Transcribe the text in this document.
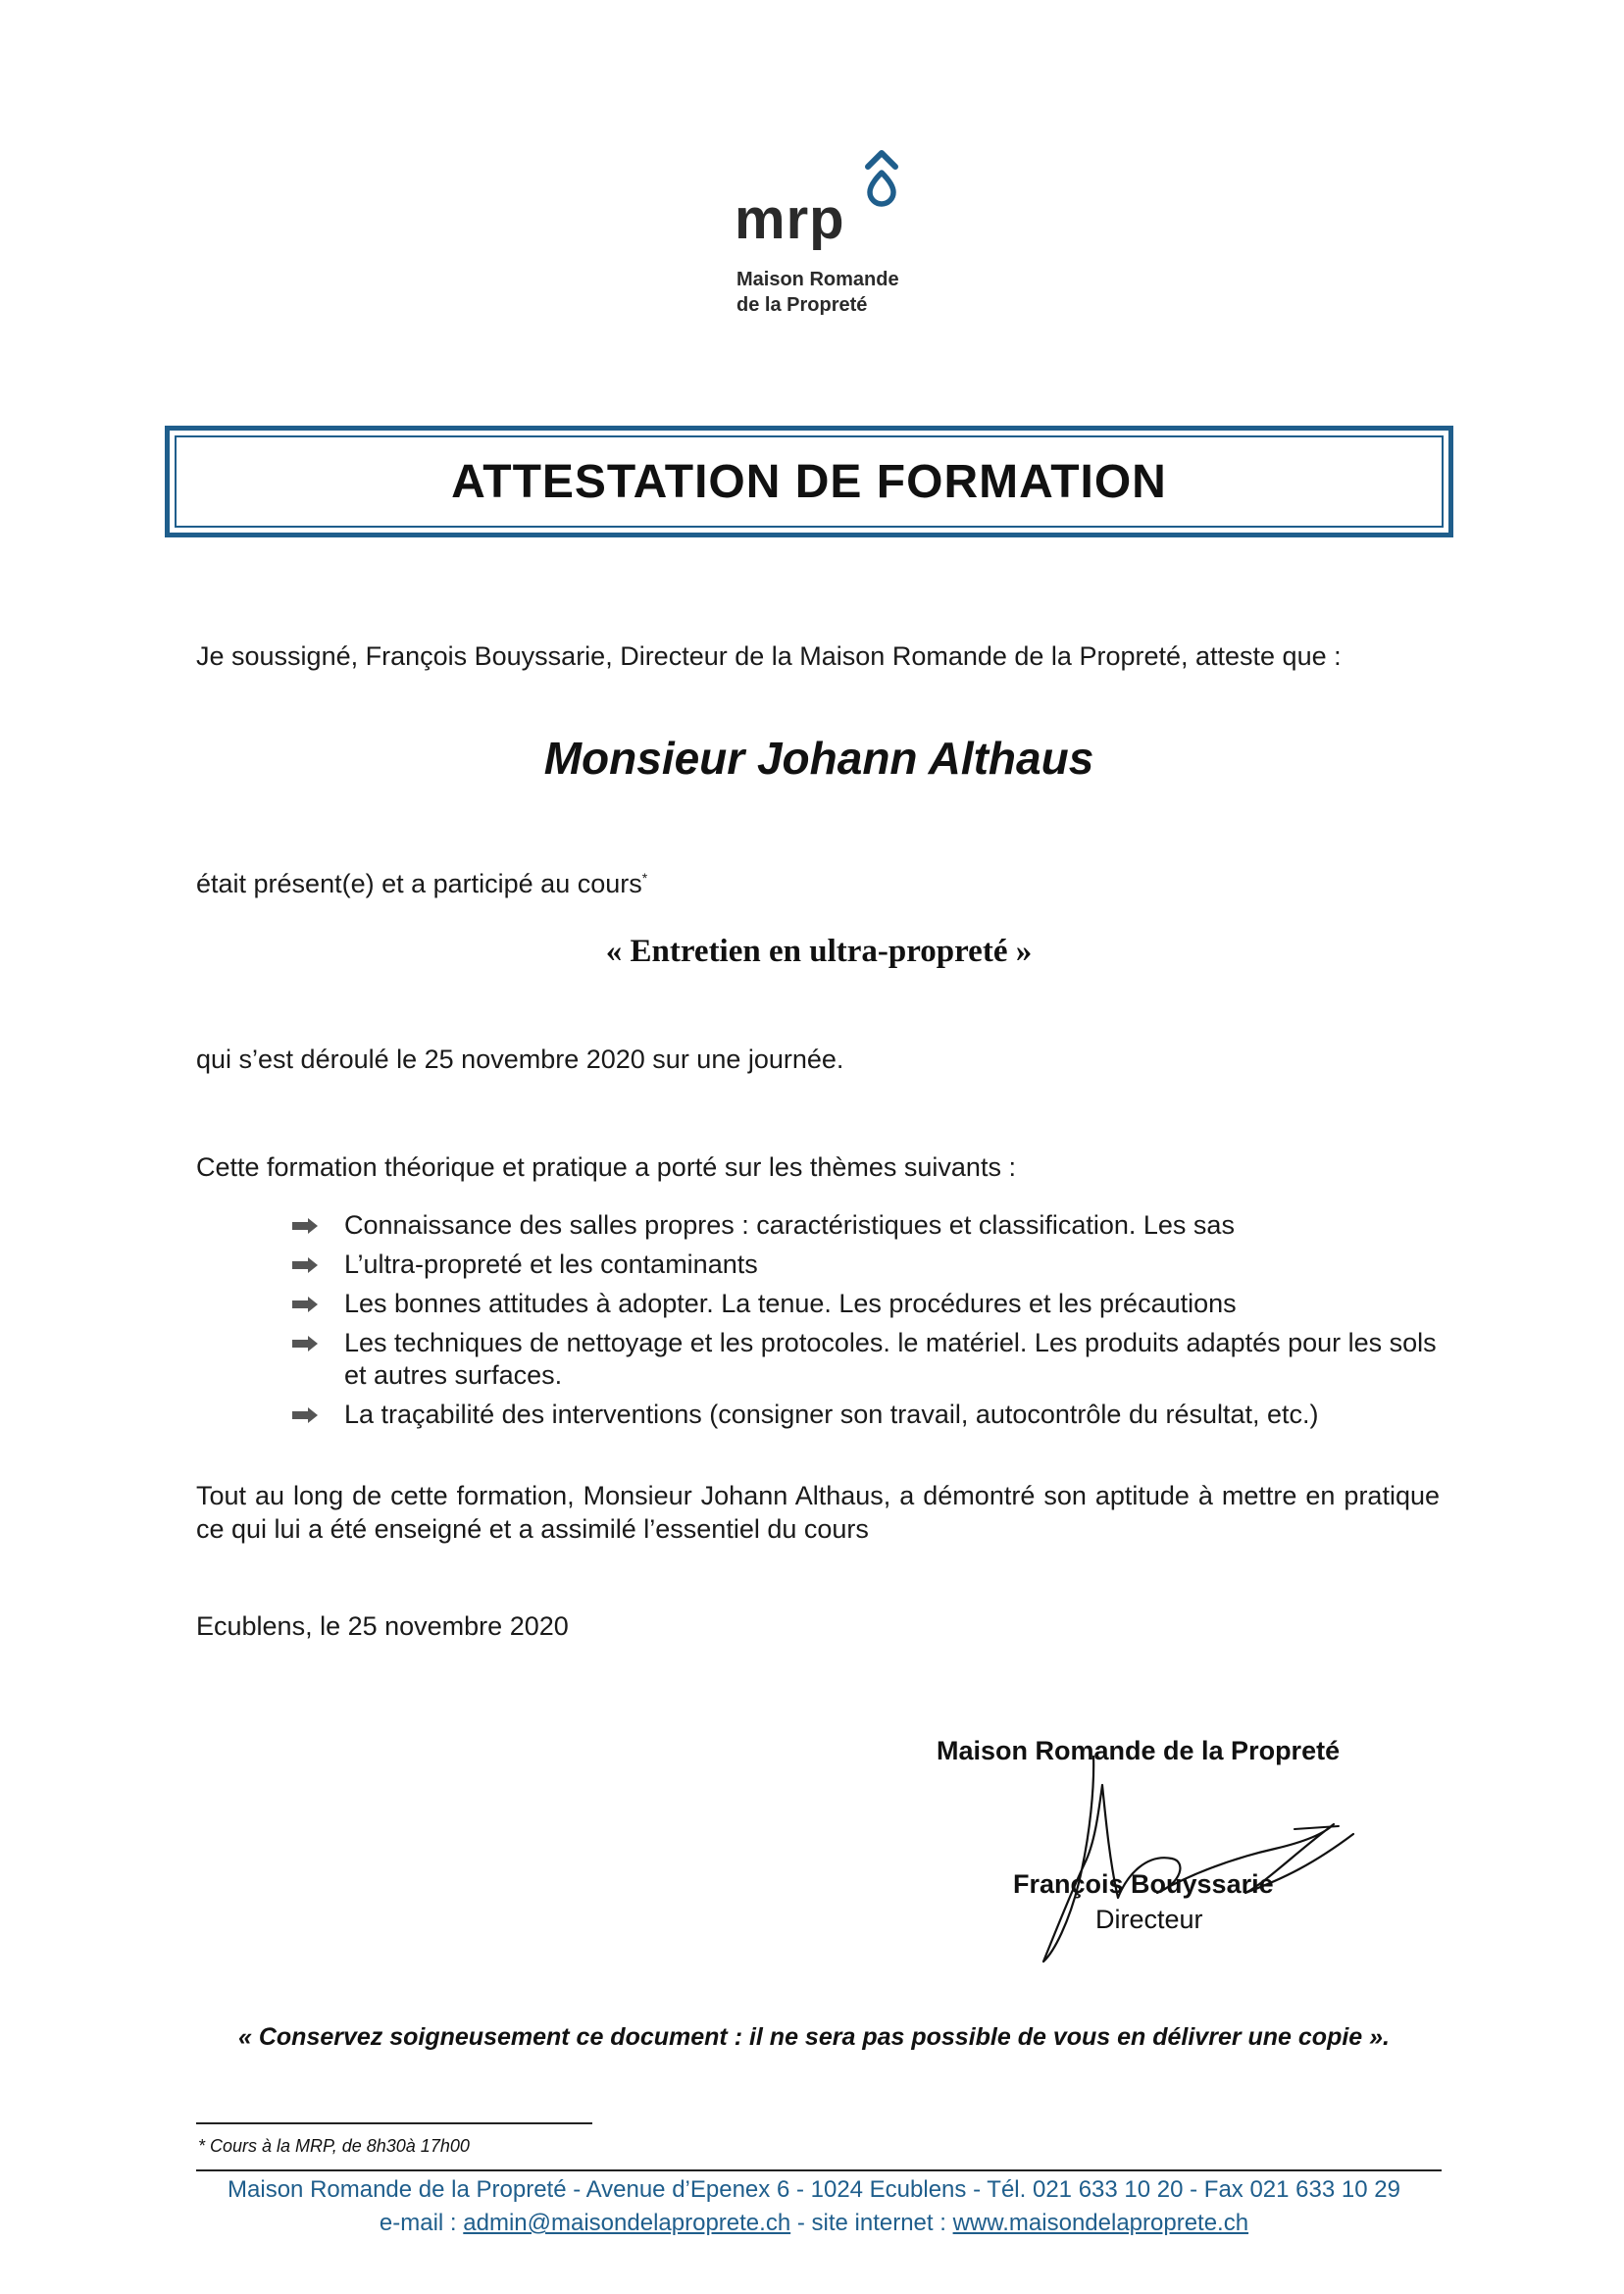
mrp
Maison Romande
de la Propreté
ATTESTATION DE FORMATION
Je soussigné, François Bouyssarie, Directeur de la Maison Romande de la Propreté, atteste que :
Monsieur Johann Althaus
était présent(e) et a participé au cours*
« Entretien en ultra-propreté »
qui s’est déroulé le 25 novembre 2020 sur une journée.
Cette formation théorique et pratique a porté sur les thèmes suivants :
Connaissance des salles propres : caractéristiques et classification. Les sas
L’ultra-propreté et les contaminants
Les bonnes attitudes à adopter. La tenue. Les procédures et les précautions
Les techniques de nettoyage et les protocoles. le matériel. Les produits adaptés pour les sols et autres surfaces.
La traçabilité des interventions (consigner son travail, autocontrôle du résultat, etc.)
Tout au long de cette formation, Monsieur Johann Althaus, a démontré son aptitude à mettre en pratique ce qui lui a été enseigné et a assimilé l’essentiel du cours
Ecublens, le 25 novembre 2020
Maison Romande de la Propreté
François Bouyssarie
Directeur
« Conservez soigneusement ce document : il ne sera pas possible de vous en délivrer une copie ».
* Cours à la MRP, de 8h30à 17h00
Maison Romande de la Propreté - Avenue d’Epenex 6 - 1024 Ecublens - Tél. 021 633 10 20 - Fax 021 633 10 29
e-mail : admin@maisondelaproprete.ch - site internet : www.maisondelaproprete.ch
